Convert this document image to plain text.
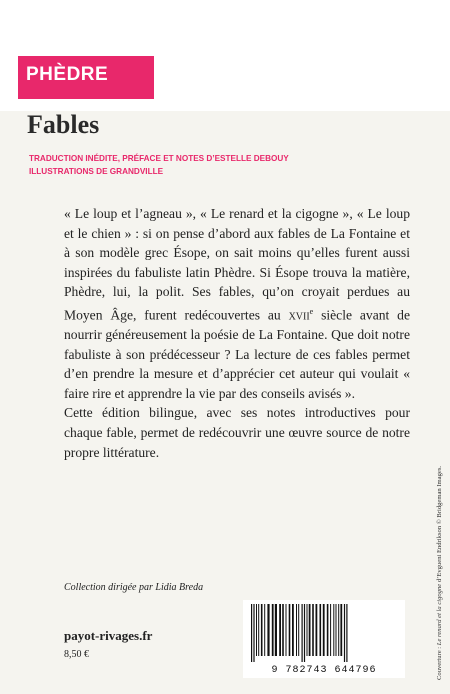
PHÈDRE
Fables
TRADUCTION INÉDITE, PRÉFACE ET NOTES D’ESTELLE DEBOUY
ILLUSTRATIONS DE GRANDVILLE

« Le loup et l’agneau », « Le renard et la cigogne », « Le loup et le chien » : si on pense d’abord aux fables de La Fontaine et à son modèle grec Ésope, on sait moins qu’elles furent aussi inspirées du fabuliste latin Phèdre. Si Ésope trouva la matière, Phèdre, lui, la polit. Ses fables, qu’on croyait perdues au Moyen Âge, furent redécouvertes au xvii$^e$ siècle avant de nourrir généreusement la poésie de La Fontaine. Que doit notre fabuliste à son prédécesseur ? La lecture de ces fables permet d’en prendre la mesure et d’apprécier cet auteur qui voulait « faire rire et apprendre la vie par des conseils avisés ».

Cette édition bilingue, avec ses notes introductives pour chaque fable, permet de redécouvrir une œuvre source de notre propre littérature.

Collection dirigée par Lidia Breda
payot-rivages.fr
8,50 €
9 782743 644796	Couverture : Le renard et la cigogne d’Evgueni Endrikson © Bridgeman Images.
